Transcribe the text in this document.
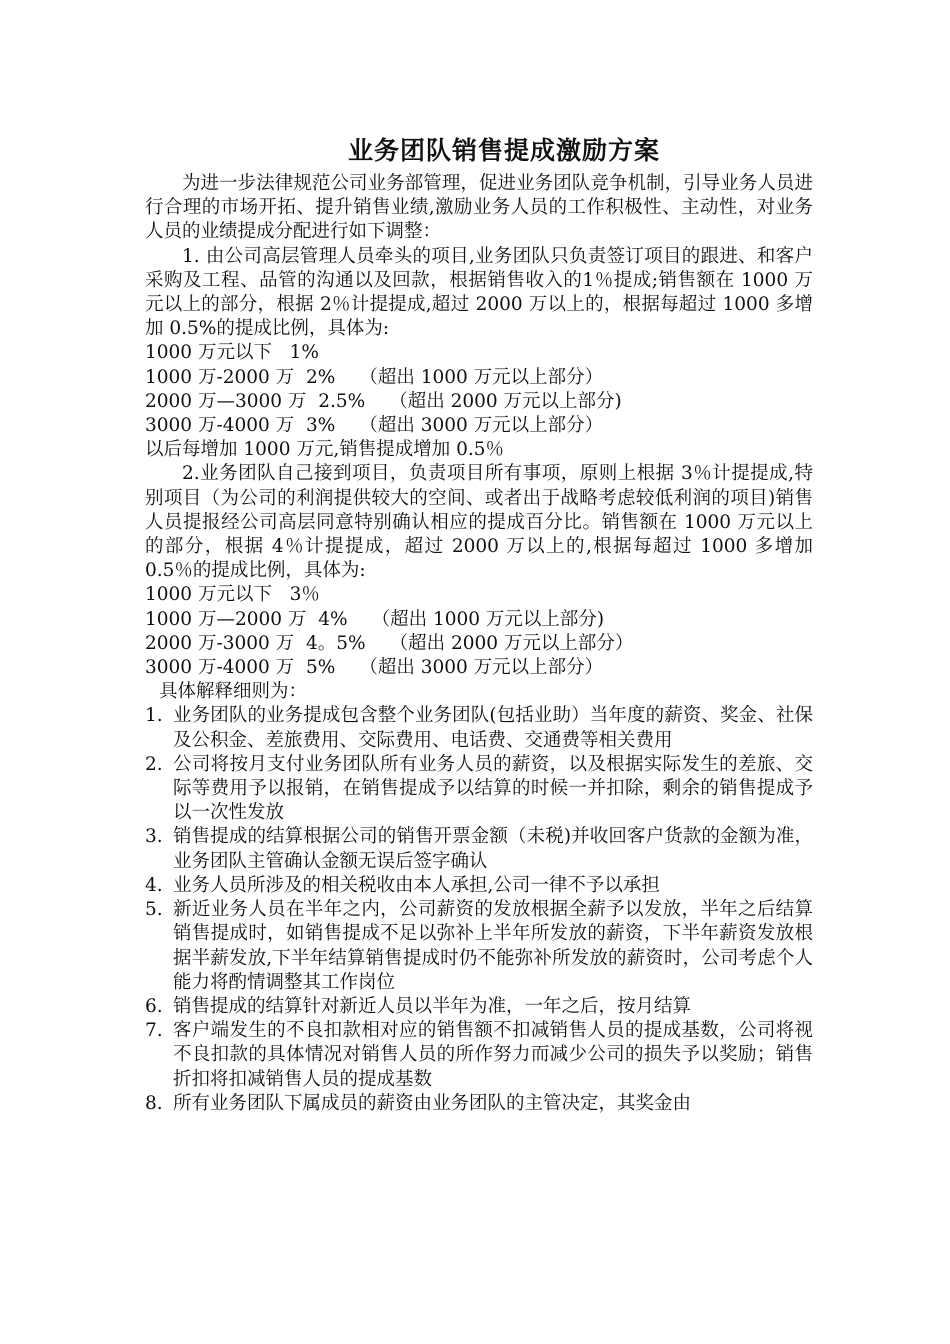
业务团队销售提成激励方案

为进一步法律规范公司业务部管理，促进业务团队竞争机制，引导业务人员进行合理的市场开拓、提升销售业绩,激励业务人员的工作积极性、主动性，对业务人员的业绩提成分配进行如下调整：

1. 由公司高层管理人员牵头的项目,业务团队只负责签订项目的跟进、和客户采购及工程、品管的沟通以及回款，根据销售收入的1％提成;销售额在 1000 万元以上的部分，根据 2％计提提成,超过 2000 万以上的，根据每超过 1000 多增加 0.5%的提成比例，具体为:

1000 万元以下 1%

1000 万-2000 万 2% （超出 1000 万元以上部分）

2000 万—3000 万 2.5% （超出 2000 万元以上部分)

3000 万-4000 万 3% （超出 3000 万元以上部分）

以后每增加 1000 万元,销售提成增加 0.5％

2.业务团队自己接到项目，负责项目所有事项，原则上根据 3％计提提成,特别项目（为公司的利润提供较大的空间、或者出于战略考虑较低利润的项目)销售人员提报经公司高层同意特别确认相应的提成百分比。销售额在 1000 万元以上的部分，根据 4％计提提成，超过 2000 万以上的,根据每超过 1000 多增加 0.5％的提成比例，具体为:

1000 万元以下 3％

1000 万—2000 万 4% （超出 1000 万元以上部分)

2000 万-3000 万 4。5% （超出 2000 万元以上部分）

3000 万-4000 万 5% （超出 3000 万元以上部分）

具体解释细则为：

1. 业务团队的业务提成包含整个业务团队(包括业助）当年度的薪资、奖金、社保及公积金、差旅费用、交际费用、电话费、交通费等相关费用
2. 公司将按月支付业务团队所有业务人员的薪资，以及根据实际发生的差旅、交际等费用予以报销，在销售提成予以结算的时候一并扣除，剩余的销售提成予以一次性发放
3. 销售提成的结算根据公司的销售开票金额（未税)并收回客户货款的金额为准，业务团队主管确认金额无误后签字确认
4. 业务人员所涉及的相关税收由本人承担,公司一律不予以承担
5. 新近业务人员在半年之内，公司薪资的发放根据全薪予以发放，半年之后结算销售提成时，如销售提成不足以弥补上半年所发放的薪资，下半年薪资发放根据半薪发放,下半年结算销售提成时仍不能弥补所发放的薪资时，公司考虑个人能力将酌情调整其工作岗位
6. 销售提成的结算针对新近人员以半年为准，一年之后，按月结算
7. 客户端发生的不良扣款相对应的销售额不扣减销售人员的提成基数，公司将视不良扣款的具体情况对销售人员的所作努力而减少公司的损失予以奖励；销售折扣将扣减销售人员的提成基数
8. 所有业务团队下属成员的薪资由业务团队的主管决定，其奖金由
